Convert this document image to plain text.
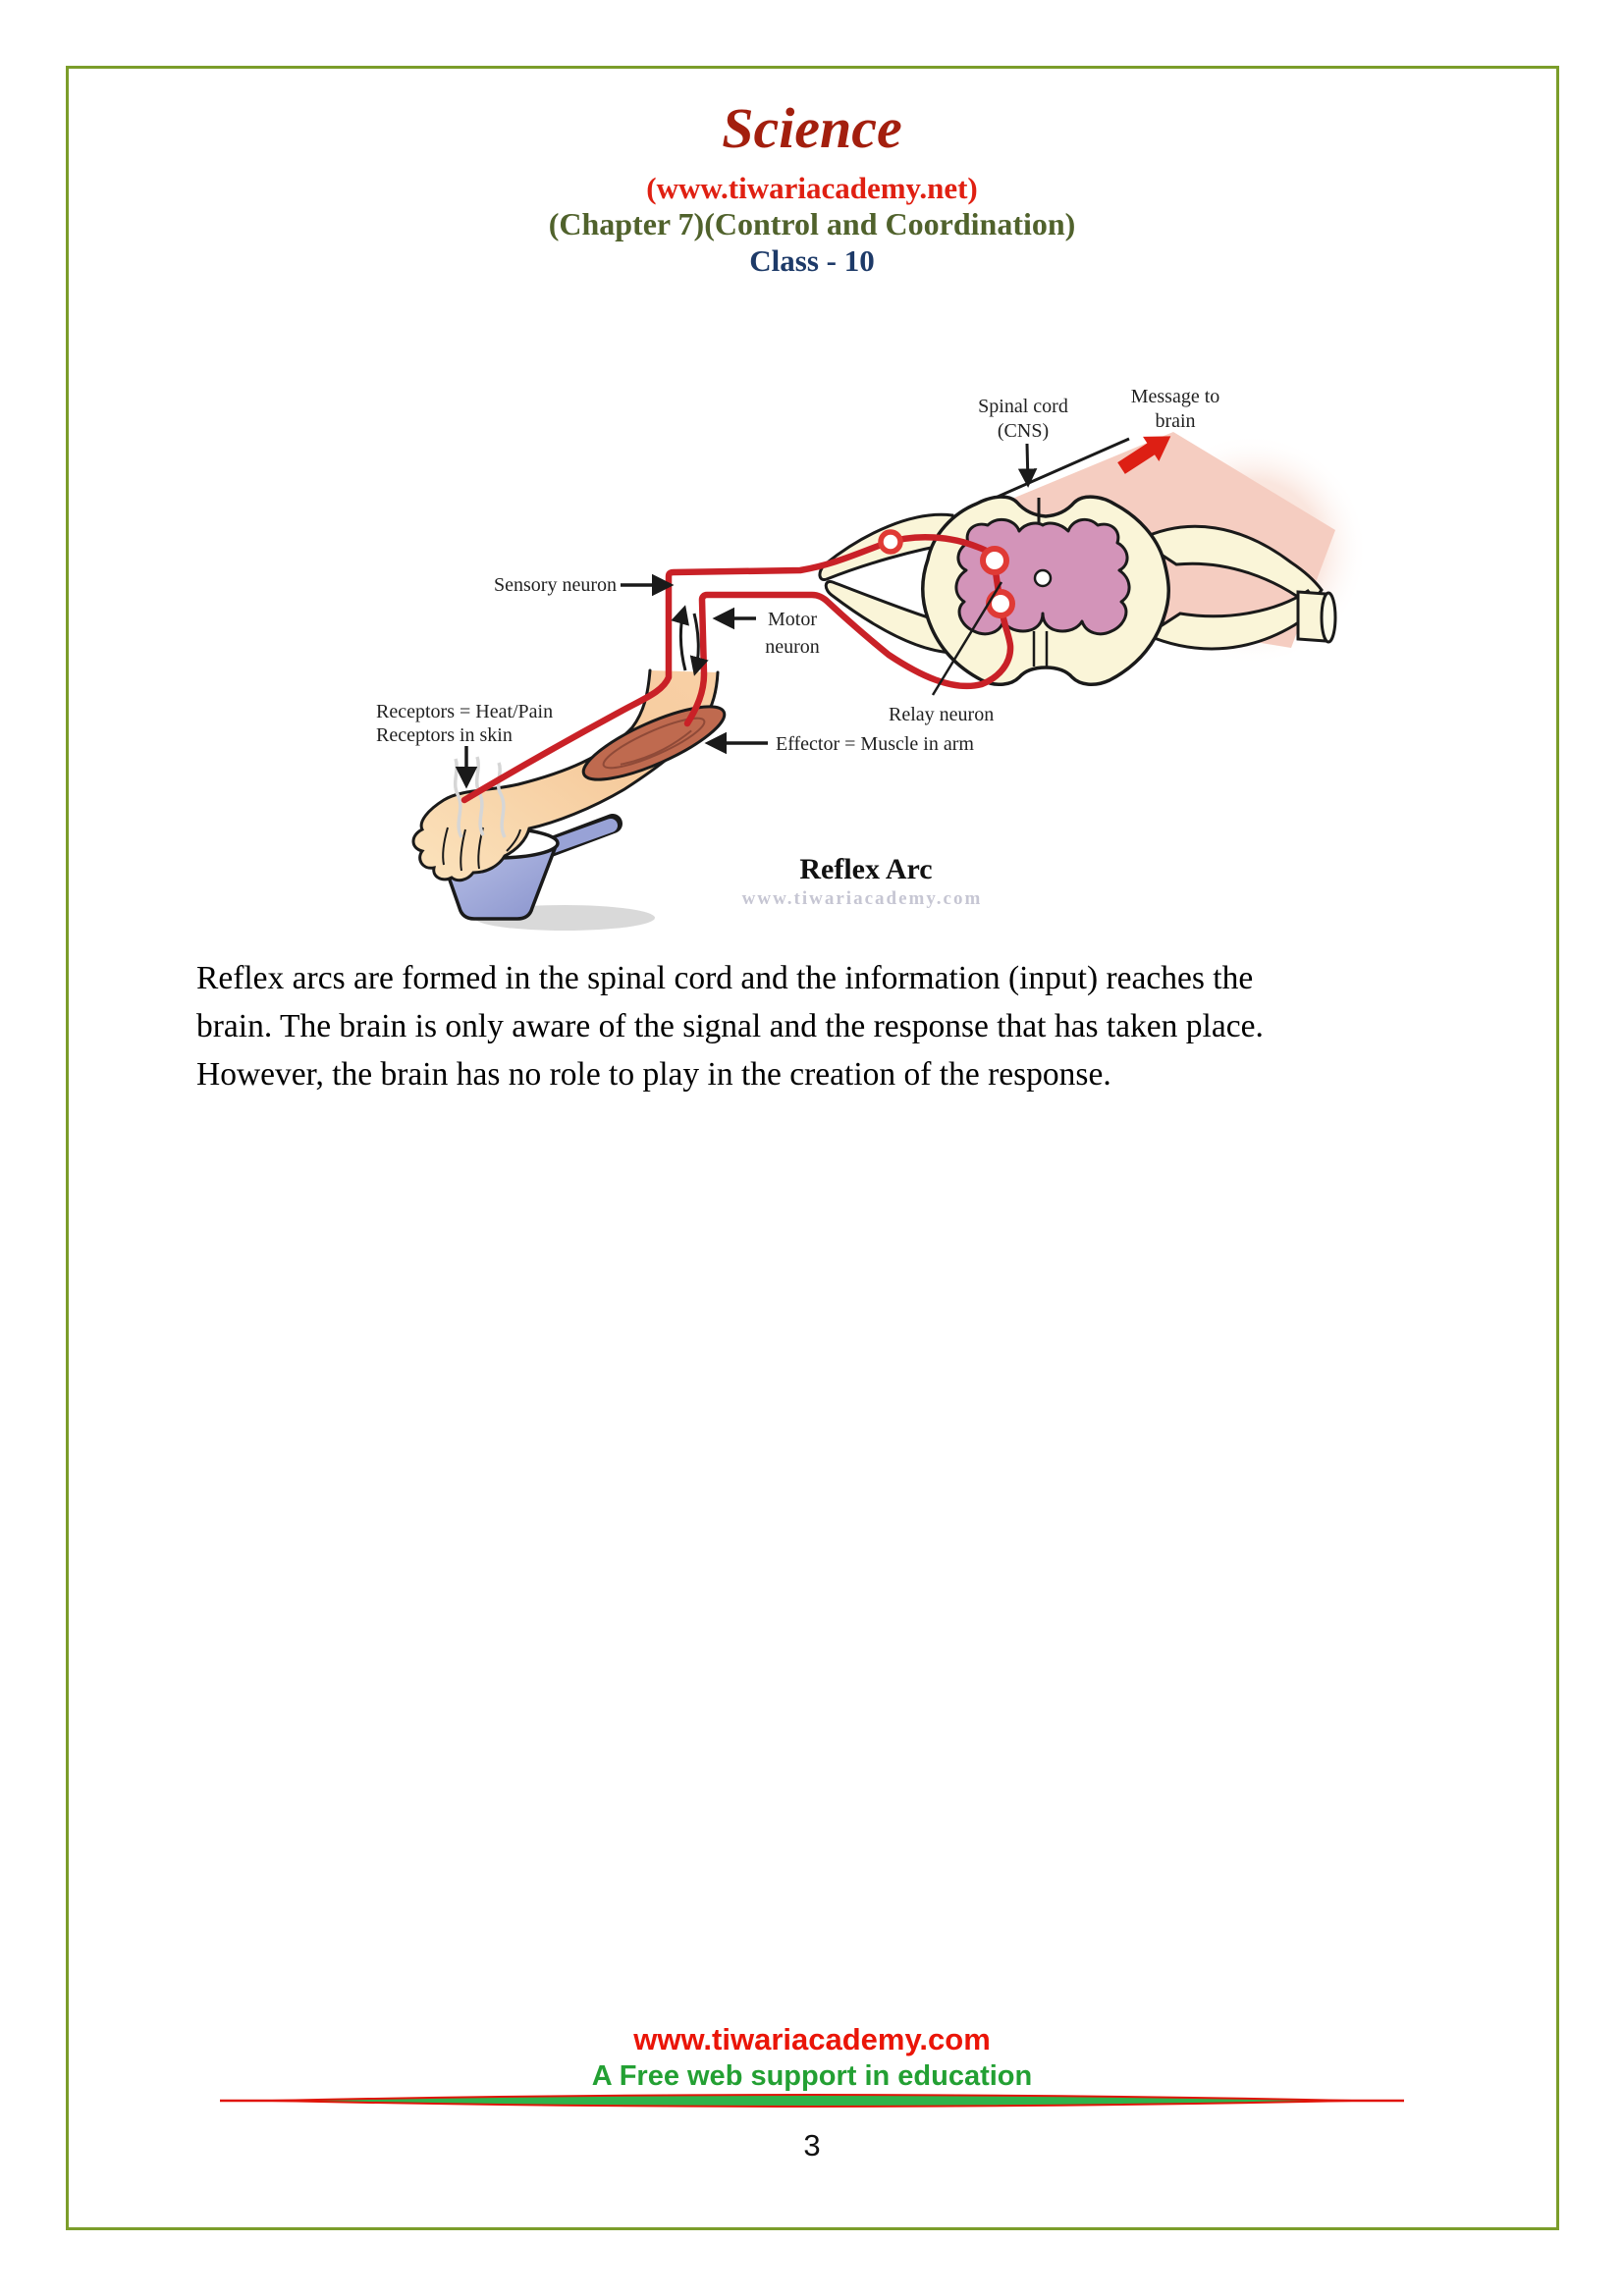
Science
(www.tiwariacademy.net)
(Chapter 7)(Control and Coordination)
Class - 10
Spinal cord
(CNS)
Message to
brain
Sensory neuron
Motor
neuron
Receptors = Heat/Pain
Receptors in skin
Relay neuron
Effector = Muscle in arm
Reflex Arc
www.tiwariacademy.com
Reflex arcs are formed in the spinal cord and the information (input) reaches the
brain. The brain is only aware of the signal and the response that has taken place.
However, the brain has no role to play in the creation of the response.
www.tiwariacademy.com
A Free web support in education
3
